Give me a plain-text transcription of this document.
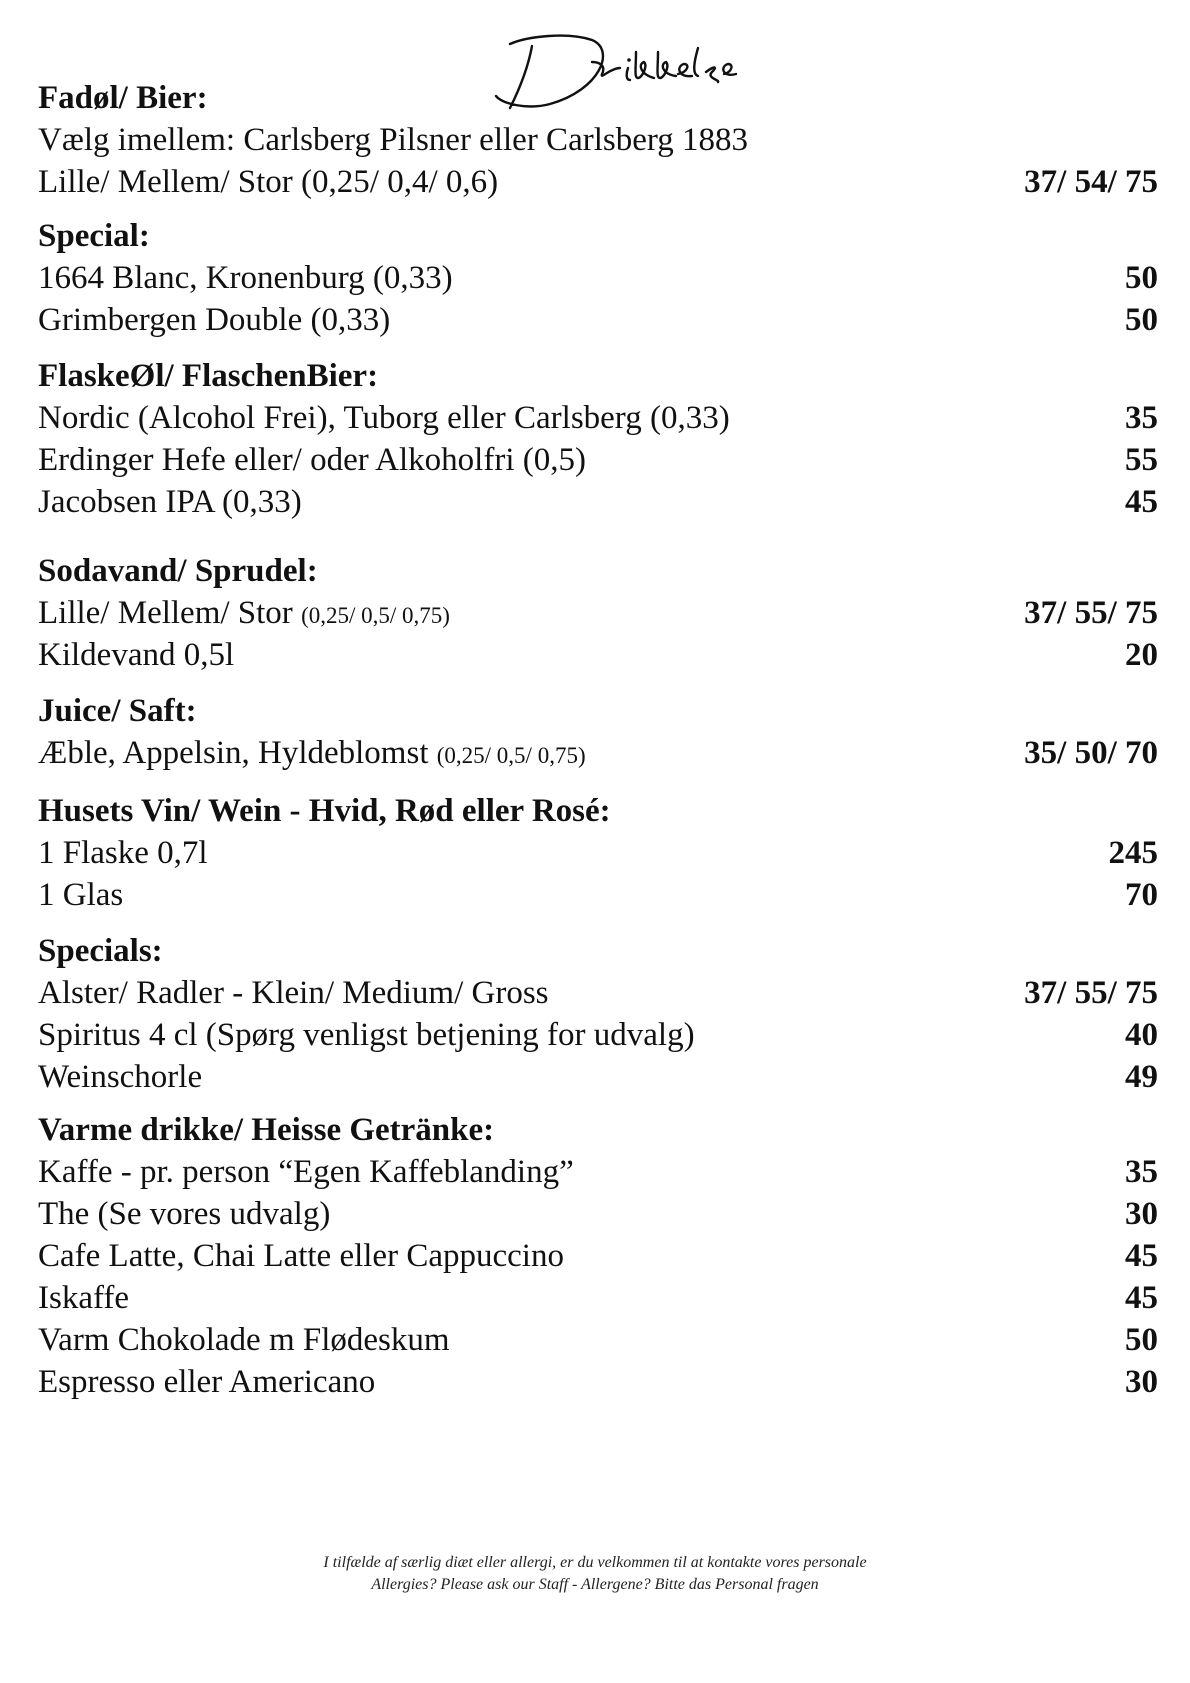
Fadøl/ Bier:
Vælg imellem: Carlsberg Pilsner eller Carlsberg 1883
Lille/ Mellem/ Stor (0,25/ 0,4/ 0,6)	37/ 54/ 75
Special:
1664 Blanc, Kronenburg (0,33)	50
Grimbergen Double (0,33)	50
FlaskeØl/ FlaschenBier:
Nordic (Alcohol Frei), Tuborg eller Carlsberg (0,33)	35
Erdinger Hefe eller/ oder Alkoholfri (0,5)	55
Jacobsen IPA (0,33)	45
Sodavand/ Sprudel:
Lille/ Mellem/ Stor (0,25/ 0,5/ 0,75)	37/ 55/ 75
Kildevand 0,5l	20
Juice/ Saft:
Æble, Appelsin, Hyldeblomst (0,25/ 0,5/ 0,75)	35/ 50/ 70
Husets Vin/ Wein - Hvid, Rød eller Rosé:
1 Flaske 0,7l	245
1 Glas	70
Specials:
Alster/ Radler - Klein/ Medium/ Gross	37/ 55/ 75
Spiritus 4 cl (Spørg venligst betjening for udvalg)	40
Weinschorle	49
Varme drikke/ Heisse Getränke:
Kaffe - pr. person “Egen Kaffeblanding”	35
The (Se vores udvalg)	30
Cafe Latte, Chai Latte eller Cappuccino	45
Iskaffe	45
Varm Chokolade m Flødeskum	50
Espresso eller Americano	30
I tilfælde af særlig diæt eller allergi, er du velkommen til at kontakte vores personale
Allergies? Please ask our Staff - Allergene? Bitte das Personal fragen
